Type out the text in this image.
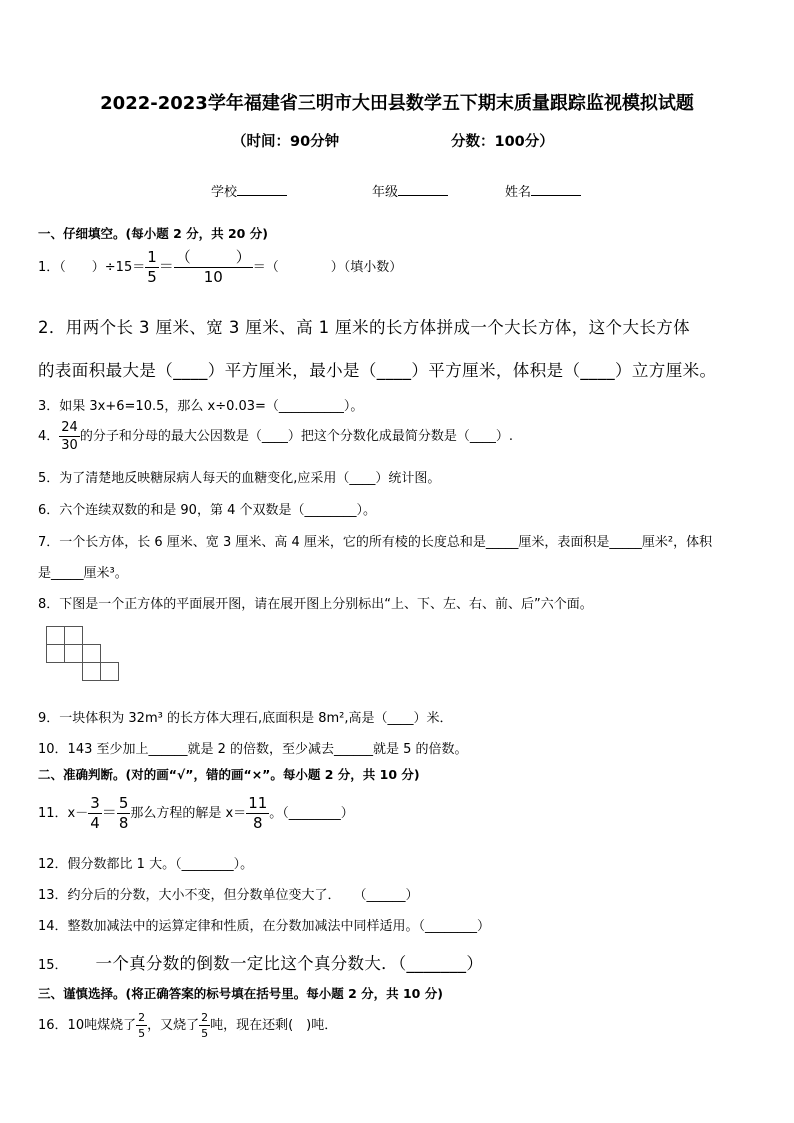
2022-2023学年福建省三明市大田县数学五下期末质量跟踪监视模拟试题
（时间：90分钟	分数：100分）
学校	年级	姓名
一、仔细填空。(每小题 2 分，共 20 分)
1．（　　）$\div 15= \frac{1}{5} = \frac{( )}{10}$ ＝（　　　　）（填小数）
2．用两个长 3 厘米、宽 3 厘米、高 1 厘米的长方体拼成一个大长方体，这个大长方体
的表面积最大是（____）平方厘米，最小是（____）平方厘米，体积是（____）立方厘米。
3．如果 3x+6=10.5，那么 x÷0.03=（__________）。
4． $\frac{24}{30}$ 的分子和分母的最大公因数是（____）把这个分数化成最简分数是（____）.
5．为了清楚地反映糖尿病人每天的血糖变化,应采用（____）统计图。
6．六个连续双数的和是 90，第 4 个双数是（________）。
7．一个长方体，长 6 厘米、宽 3 厘米、高 4 厘米，它的所有棱的长度总和是_____厘米，表面积是_____厘米²，体积
是_____厘米³。
8．下图是一个正方体的平面展开图，请在展开图上分别标出“上、下、左、右、前、后”六个面。
9．一块体积为 32m³ 的长方体大理石,底面积是 8m²,高是（____）米．
10．143 至少加上______就是 2 的倍数，至少减去______就是 5 的倍数。
二、准确判断。(对的画“√”，错的画“×”。每小题 2 分，共 10 分)
11．$x- \frac{3}{4} = \frac{5}{8}$ 那么方程的解是 $x= \frac{11}{8}$ 。（________）
12．假分数都比 1 大。（________）。
13．约分后的分数，大小不变，但分数单位变大了．　　（______）
14．整数加减法中的运算定律和性质，在分数加减法中同样适用。（________）
15． 一个真分数的倒数一定比这个真分数大．（_______）
三、谨慎选择。(将正确答案的标号填在括号里。每小题 2 分，共 10 分)
16．10吨煤烧了 $\frac{2}{5}$ ，又烧了 $\frac{2}{5}$ 吨，现在还剩(　)吨．
